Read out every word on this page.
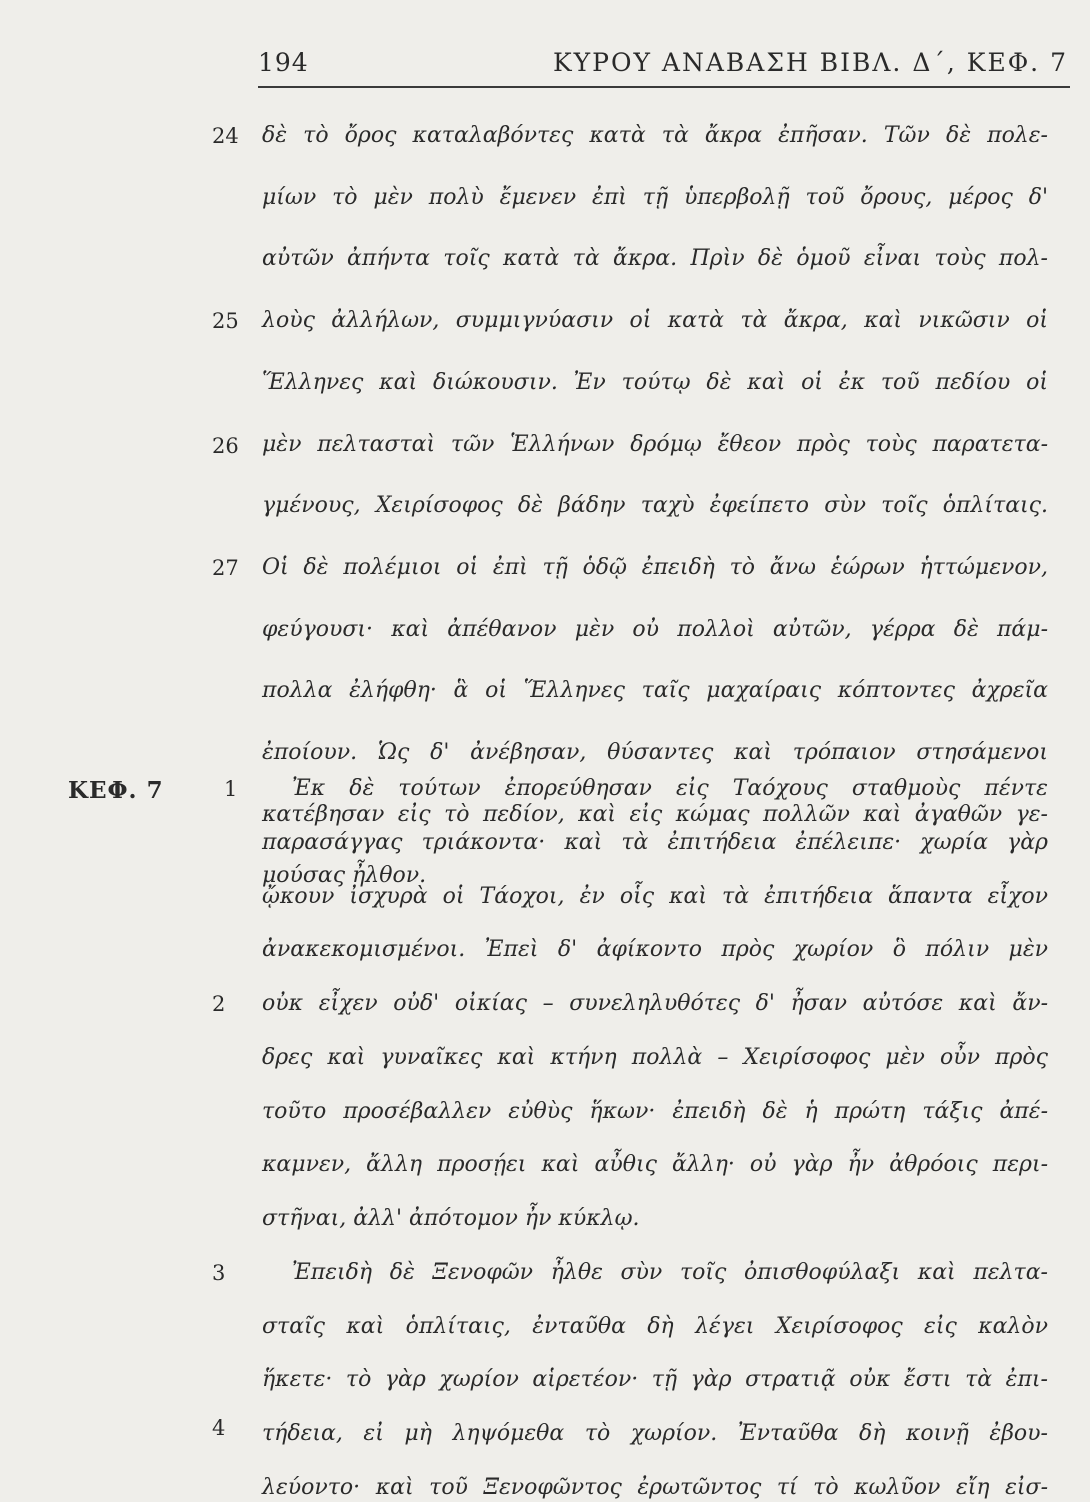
194	ΚΥΡΟΥ ΑΝΑΒΑΣΗ ΒΙΒΛ. Δ΄, ΚΕΦ. 7
ΚΕΦ. 7
24
25
26
27
1
2
3
4
δὲ τὸ ὄρος καταλαβόντες κατὰ τὰ ἄκρα ἐπῆσαν. Τῶν δὲ πολε-
μίων τὸ μὲν πολὺ ἔμενεν ἐπὶ τῇ ὑπερβολῇ τοῦ ὄρους, μέρος δ'
αὐτῶν ἀπήντα τοῖς κατὰ τὰ ἄκρα. Πρὶν δὲ ὁμοῦ εἶναι τοὺς πολ-
λοὺς ἀλλήλων, συμμιγνύασιν οἱ κατὰ τὰ ἄκρα, καὶ νικῶσιν οἱ
Ἕλληνες καὶ διώκουσιν. Ἐν τούτῳ δὲ καὶ οἱ ἐκ τοῦ πεδίου οἱ
μὲν πελτασταὶ τῶν Ἑλλήνων δρόμῳ ἔθεον πρὸς τοὺς παρατετα-
γμένους, Χειρίσοφος δὲ βάδην ταχὺ ἐφείπετο σὺν τοῖς ὁπλίταις.
Οἱ δὲ πολέμιοι οἱ ἐπὶ τῇ ὁδῷ ἐπειδὴ τὸ ἄνω ἑώρων ἡττώμενον,
φεύγουσι· καὶ ἀπέθανον μὲν οὐ πολλοὶ αὐτῶν, γέρρα δὲ πάμ-
πολλα ἐλήφθη· ἃ οἱ Ἕλληνες ταῖς μαχαίραις κόπτοντες ἀχρεῖα
ἐποίουν. Ὡς δ' ἀνέβησαν, θύσαντες καὶ τρόπαιον στησάμενοι
κατέβησαν εἰς τὸ πεδίον, καὶ εἰς κώμας πολλῶν καὶ ἀγαθῶν γε-
μούσας ἦλθον.
Ἐκ δὲ τούτων ἐπορεύθησαν εἰς Ταόχους σταθμοὺς πέντε
παρασάγγας τριάκοντα· καὶ τὰ ἐπιτήδεια ἐπέλειπε· χωρία γὰρ
ᾤκουν ἰσχυρὰ οἱ Τάοχοι, ἐν οἷς καὶ τὰ ἐπιτήδεια ἅπαντα εἶχον
ἀνακεκομισμένοι. Ἐπεὶ δ' ἀφίκοντο πρὸς χωρίον ὃ πόλιν μὲν
οὐκ εἶχεν οὐδ' οἰκίας – συνεληλυθότες δ' ἦσαν αὐτόσε καὶ ἄν-
δρες καὶ γυναῖκες καὶ κτήνη πολλὰ – Χειρίσοφος μὲν οὖν πρὸς
τοῦτο προσέβαλλεν εὐθὺς ἥκων· ἐπειδὴ δὲ ἡ πρώτη τάξις ἀπέ-
καμνεν, ἄλλη προσῄει καὶ αὖθις ἄλλη· οὐ γὰρ ἦν ἀθρόοις περι-
στῆναι, ἀλλ' ἀπότομον ἦν κύκλῳ.
Ἐπειδὴ δὲ Ξενοφῶν ἦλθε σὺν τοῖς ὀπισθοφύλαξι καὶ πελτα-
σταῖς καὶ ὁπλίταις, ἐνταῦθα δὴ λέγει Χειρίσοφος εἰς καλὸν
ἥκετε· τὸ γὰρ χωρίον αἱρετέον· τῇ γὰρ στρατιᾷ οὐκ ἔστι τὰ ἐπι-
τήδεια, εἰ μὴ ληψόμεθα τὸ χωρίον. Ἐνταῦθα δὴ κοινῇ ἐβου-
λεύοντο· καὶ τοῦ Ξενοφῶντος ἐρωτῶντος τί τὸ κωλῦον εἴη εἰσ-
